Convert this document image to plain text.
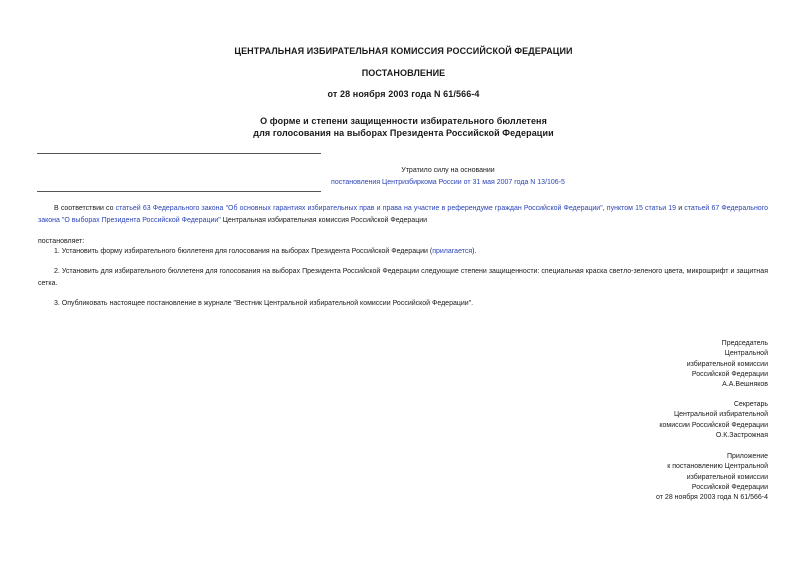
ЦЕНТРАЛЬНАЯ ИЗБИРАТЕЛЬНАЯ КОМИССИЯ РОССИЙСКОЙ ФЕДЕРАЦИИ
ПОСТАНОВЛЕНИЕ
от 28 ноября 2003 года N 61/566-4
О форме и степени защищенности избирательного бюллетеня
для голосования на выборах Президента Российской Федерации
Утратило силу на основании
постановления Центризбиркома России от 31 мая 2007 года N 13/106-5
В соответствии со статьей 63 Федерального закона "Об основных гарантиях избирательных прав и права на участие в референдуме граждан Российской Федерации", пунктом 15 статьи 19 и статьей 67 Федерального закона "О выборах Президента Российской Федерации" Центральная избирательная комиссия Российской Федерации
постановляет:
1. Установить форму избирательного бюллетеня для голосования на выборах Президента Российской Федерации (прилагается).
2. Установить для избирательного бюллетеня для голосования на выборах Президента Российской Федерации следующие степени защищенности: специальная краска светло-зеленого цвета, микрошрифт и защитная сетка.
3. Опубликовать настоящее постановление в журнале "Вестник Центральной избирательной комиссии Российской Федерации".
Председатель
Центральной
избирательной комиссии
Российской Федерации
А.А.Вешняков
Секретарь
Центральной избирательной
комиссии Российской Федерации
О.К.Застрожная
Приложение
к постановлению Центральной
избирательной комиссии
Российской Федерации
от 28 ноября 2003 года N 61/566-4
